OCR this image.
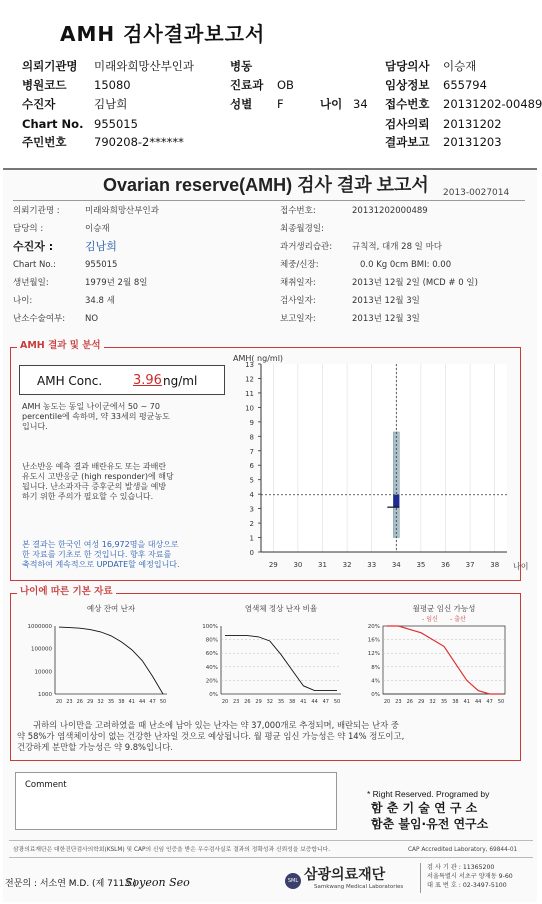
AMH 검사결과보고서
의뢰기관명 미래와희망산부인과	병동	담당의사 이승재
병원코드 15080	진료과 OB	임상정보 655794
수진자	김남희	성별 F	나이 34 접수번호 20131202-00489
Chart No. 955015	검사의뢰 20131202
주민번호 790208-2******	결과보고 20131203
Ovarian reserve(AMH) 검사 결과 보고서 2013-0027014
의뢰기관명 :	미래와희망산부인과
담당의 :	이승재
수진자 :	김남희
Chart No.:	955015
생년월일:	1979년 2월 8일
나이:	34.8 세
난소수술여부: NO
접수번호:	20131202000489
최종월경일:
과거생리습관: 규칙적, 대개 28 일 마다
체중/신장:	0.0 Kg 0cm BMI: 0.00
채취일자:	2013년 12월 2일 (MCD # 0 일)
검사일자:	2013년 12월 3일
보고일자:	2013년 12월 3일
AMH 결과 및 분석
AMH Conc. 3.96 ng/ml
AMH 농도는 동일 나이군에서 50 ~ 70
percentile에 속하며, 약 33세의 평균농도
입니다.
난소반응 예측 결과 배란유도 또는 과배란
유도시 고반응군 (high responder)에 해당
됩니다. 난소과자극 증후군의 발생을 예방
하기 위한 주의가 필요할 수 있습니다.
본 결과는 한국인 여성 16,972명을 대상으로
한 자료를 기초로 한 것입니다. 향후 자료를
축적하여 계속적으로 UPDATE할 예정입니다.
AMH( ng/ml)
0
1
2
3
4
5
6
7
8
9
10
11
12
13
29 30 31 32 33 34 35 36 37 38 나이
나이에 따른 기본 자료
예상 잔여 난자
1000000
100000
10000
1000
20 23 26 29 32 35 38 41 44 47 50
염색체 정상 난자 비율
100%
80%
60%
40%
20%
0%
20 23 26 29 32 35 38 41 44 47 50
월평균 임신 가능성
20%
16%
12%
8%
4%
0%
20 23 26 29 32 35 38 41 44 47 50
- 임신 - 출산
귀하의 나이만을 고려하였을 때 난소에 남아 있는 난자는 약 37,000개로 추정되며, 배란되는 난자 중
약 58%가 염색체이상이 없는 건강한 난자일 것으로 예상됩니다. 월 평균 임신 가능성은 약 14% 정도이고,
건강하게 분만할 가능성은 약 9.8%입니다.
Comment
* Right Reserved. Programed by
함 춘 기 술 연 구 소
함춘 불임·유전 연구소
삼광의료재단은 대한진단검사의학회(KSLM) 및 CAP의 신임 인증을 받은 우수검사실로 결과의 정확성과 신뢰성을 보증합니다.	CAP Accredited Laboratory, 69844-01
전문의 : 서소연 M.D. (제 711호)
Soyeon Seo	SML 삼광의료재단
Samkwang Medical Laboratories
검 사 기 관 : 11365200
서울특별시 서초구 양재동 9-60
대 표 번 호 : 02-3497-5100
